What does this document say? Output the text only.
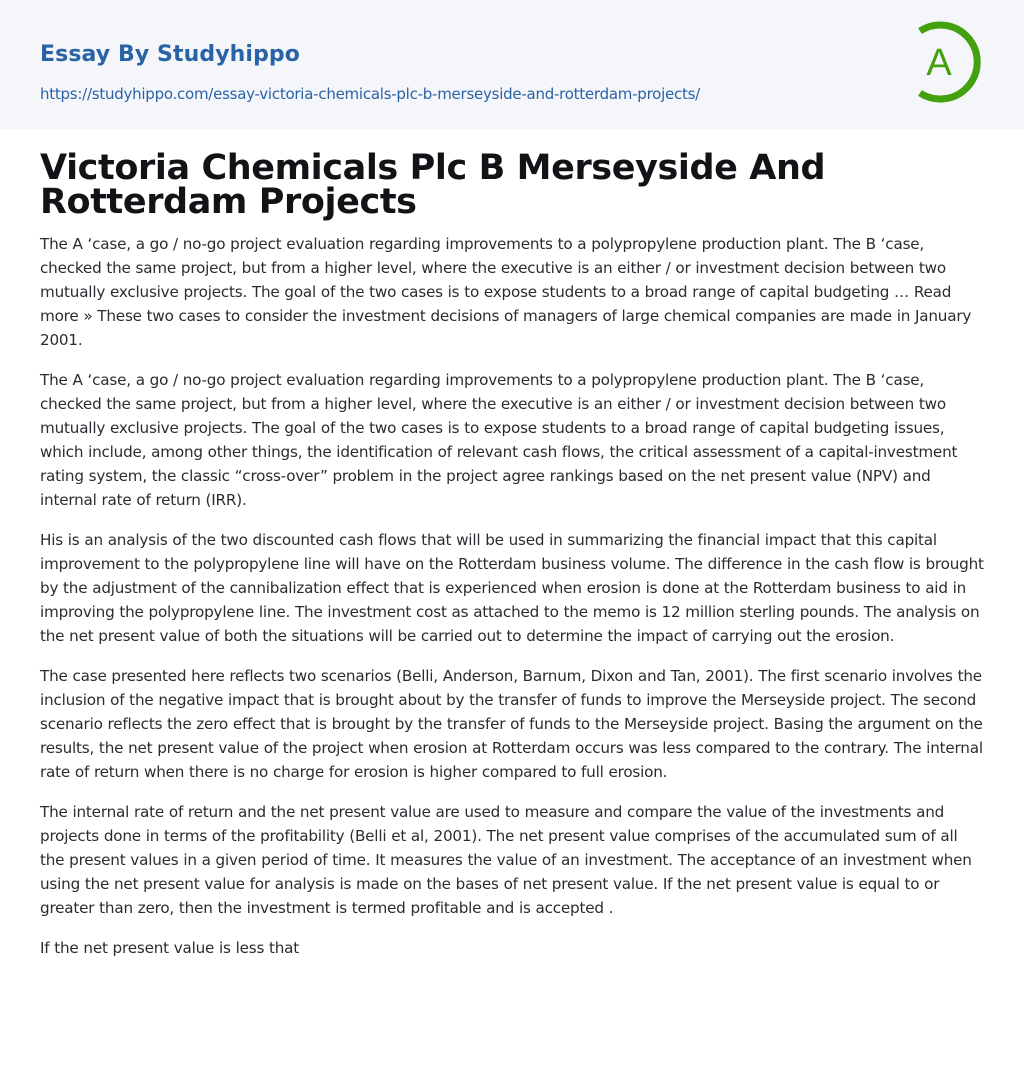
Essay By Studyhippo
https://studyhippo.com/essay-victoria-chemicals-plc-b-merseyside-and-rotterdam-projects/
A
Victoria Chemicals Plc B Merseyside And Rotterdam Projects

The A ‘case, a go / no-go project evaluation regarding improvements to a polypropylene production plant. The B ‘case, checked the same project, but from a higher level, where the executive is an either / or investment decision between two mutually exclusive projects. The goal of the two cases is to expose students to a broad range of capital budgeting … Read more » These two cases to consider the investment decisions of managers of large chemical companies are made in January 2001.

The A ‘case, a go / no-go project evaluation regarding improvements to a polypropylene production plant. The B ‘case, checked the same project, but from a higher level, where the executive is an either / or investment decision between two mutually exclusive projects. The goal of the two cases is to expose students to a broad range of capital budgeting issues, which include, among other things, the identification of relevant cash flows, the critical assessment of a capital-investment rating system, the classic “cross-over” problem in the project agree rankings based on the net present value (NPV) and internal rate of return (IRR).

His is an analysis of the two discounted cash flows that will be used in summarizing the financial impact that this capital improvement to the polypropylene line will have on the Rotterdam business volume. The difference in the cash flow is brought by the adjustment of the cannibalization effect that is experienced when erosion is done at the Rotterdam business to aid in improving the polypropylene line. The investment cost as attached to the memo is 12 million sterling pounds. The analysis on the net present value of both the situations will be carried out to determine the impact of carrying out the erosion.

The case presented here reflects two scenarios (Belli, Anderson, Barnum, Dixon and Tan, 2001). The first scenario involves the inclusion of the negative impact that is brought about by the transfer of funds to improve the Merseyside project. The second scenario reflects the zero effect that is brought by the transfer of funds to the Merseyside project. Basing the argument on the results, the net present value of the project when erosion at Rotterdam occurs was less compared to the contrary. The internal rate of return when there is no charge for erosion is higher compared to full erosion.

The internal rate of return and the net present value are used to measure and compare the value of the investments and projects done in terms of the profitability (Belli et al, 2001). The net present value comprises of the accumulated sum of all the present values in a given period of time. It measures the value of an investment. The acceptance of an investment when using the net present value for analysis is made on the bases of net present value. If the net present value is equal to or greater than zero, then the investment is termed profitable and is accepted .

If the net present value is less that
